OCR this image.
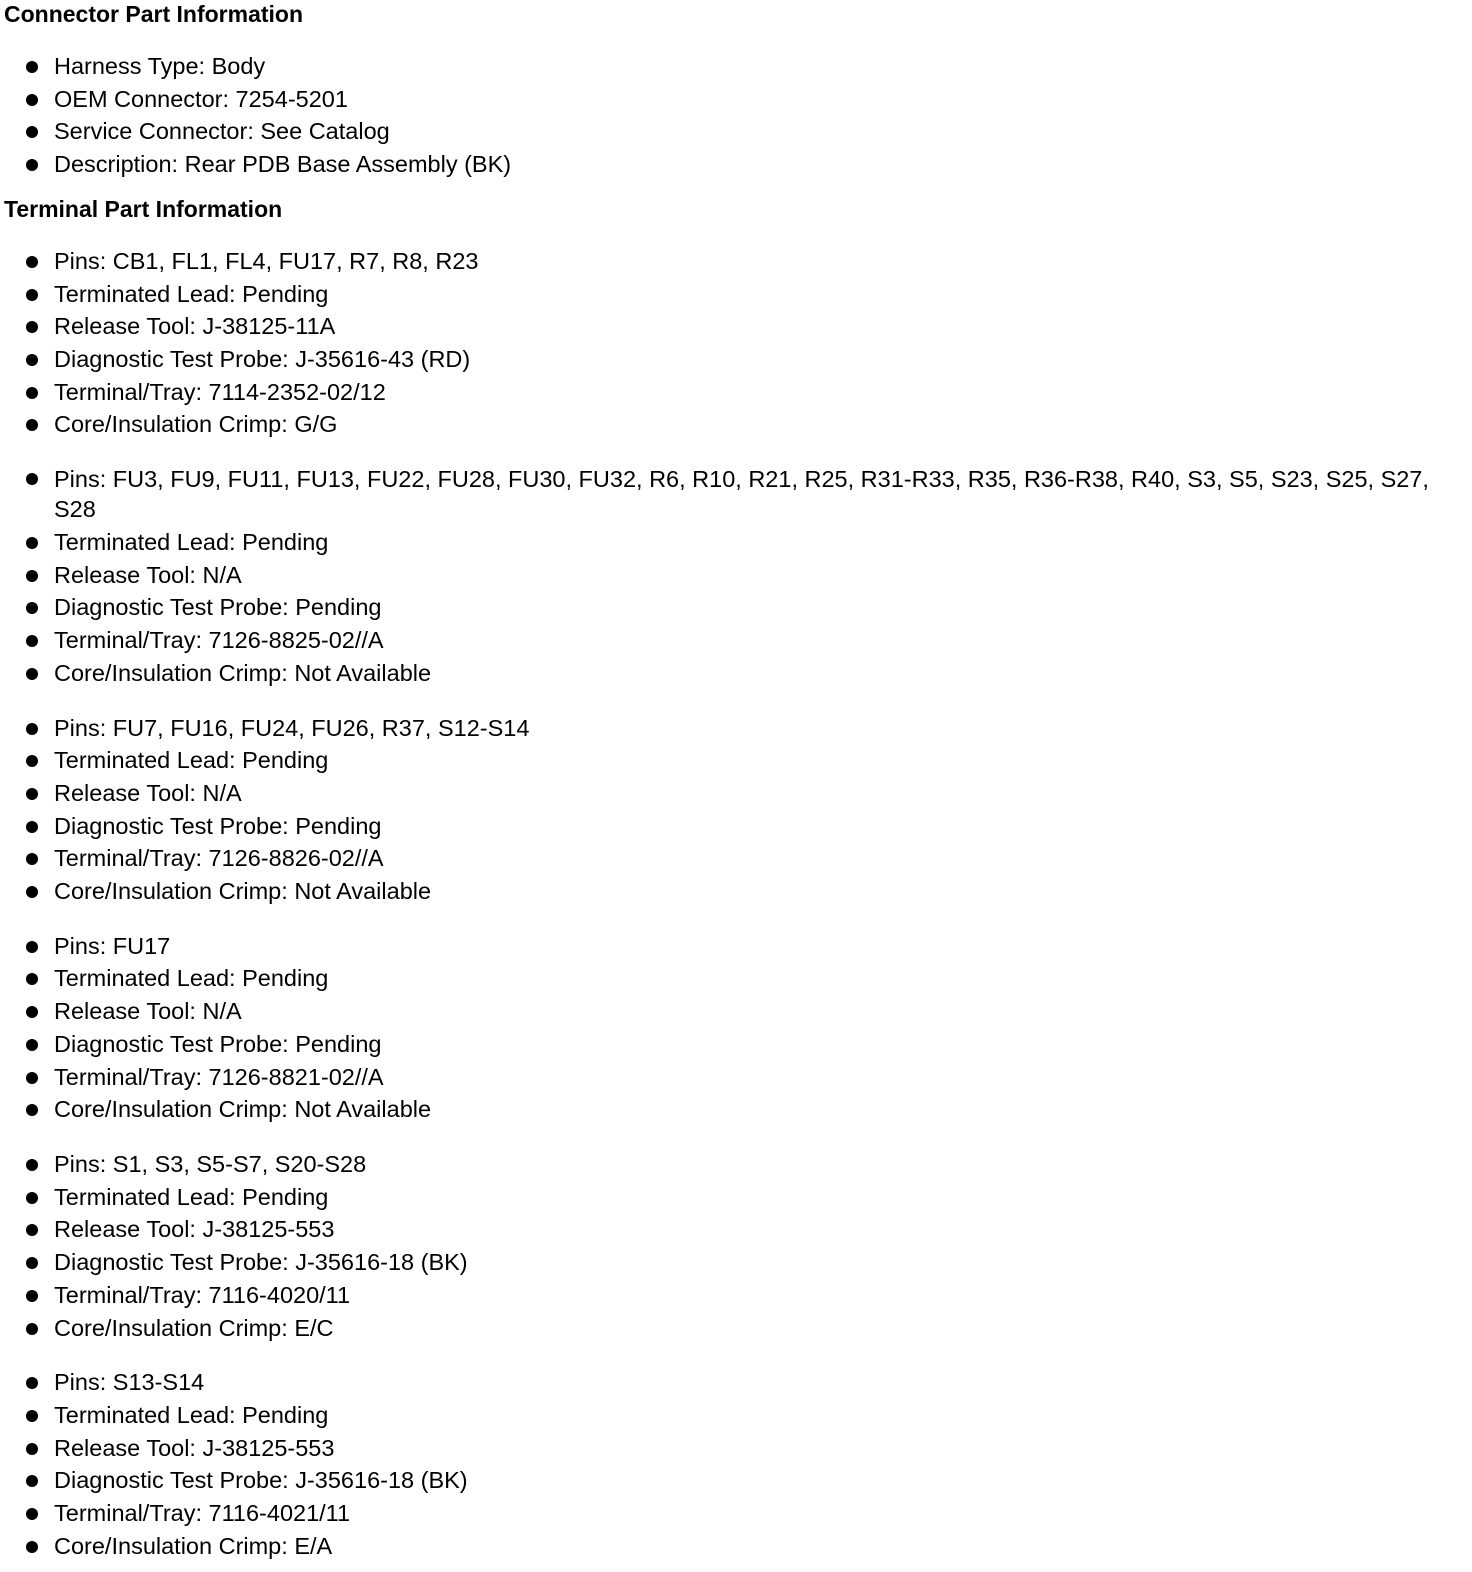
Connector Part Information
Harness Type: Body
OEM Connector: 7254-5201
Service Connector: See Catalog
Description: Rear PDB Base Assembly (BK)
Terminal Part Information
Pins: CB1, FL1, FL4, FU17, R7, R8, R23
Terminated Lead: Pending
Release Tool: J-38125-11A
Diagnostic Test Probe: J-35616-43 (RD)
Terminal/Tray: 7114-2352-02/12
Core/Insulation Crimp: G/G
Pins: FU3, FU9, FU11, FU13, FU22, FU28, FU30, FU32, R6, R10, R21, R25, R31-R33, R35, R36-R38, R40, S3, S5, S23, S25, S27, S28
Terminated Lead: Pending
Release Tool: N/A
Diagnostic Test Probe: Pending
Terminal/Tray: 7126-8825-02//A
Core/Insulation Crimp: Not Available
Pins: FU7, FU16, FU24, FU26, R37, S12-S14
Terminated Lead: Pending
Release Tool: N/A
Diagnostic Test Probe: Pending
Terminal/Tray: 7126-8826-02//A
Core/Insulation Crimp: Not Available
Pins: FU17
Terminated Lead: Pending
Release Tool: N/A
Diagnostic Test Probe: Pending
Terminal/Tray: 7126-8821-02//A
Core/Insulation Crimp: Not Available
Pins: S1, S3, S5-S7, S20-S28
Terminated Lead: Pending
Release Tool: J-38125-553
Diagnostic Test Probe: J-35616-18 (BK)
Terminal/Tray: 7116-4020/11
Core/Insulation Crimp: E/C
Pins: S13-S14
Terminated Lead: Pending
Release Tool: J-38125-553
Diagnostic Test Probe: J-35616-18 (BK)
Terminal/Tray: 7116-4021/11
Core/Insulation Crimp: E/A
